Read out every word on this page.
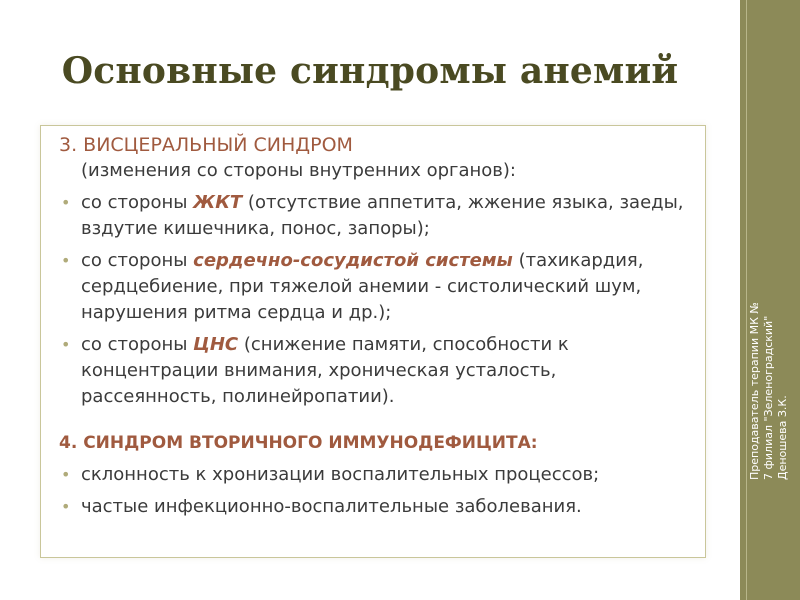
Основные синдромы анемий
3. ВИСЦЕРАЛЬНЫЙ СИНДРОМ
(изменения со стороны внутренних органов):
• со стороны ЖКТ (отсутствие аппетита, жжение языка, заеды, вздутие кишечника, понос, запоры);
• со стороны сердечно-сосудистой системы (тахикардия, сердцебиение, при тяжелой анемии - систолический шум, нарушения ритма сердца и др.);
• со стороны ЦНС (снижение памяти, способности к концентрации внимания, хроническая усталость, рассеянность, полинейропатии).
4. СИНДРОМ ВТОРИЧНОГО ИММУНОДЕФИЦИТА:
• склонность к хронизации воспалительных процессов;
• частые инфекционно-воспалительные заболевания.
Преподаватель терапии МК № 7 филиал "Зеленоградский" Деношева З.К.
